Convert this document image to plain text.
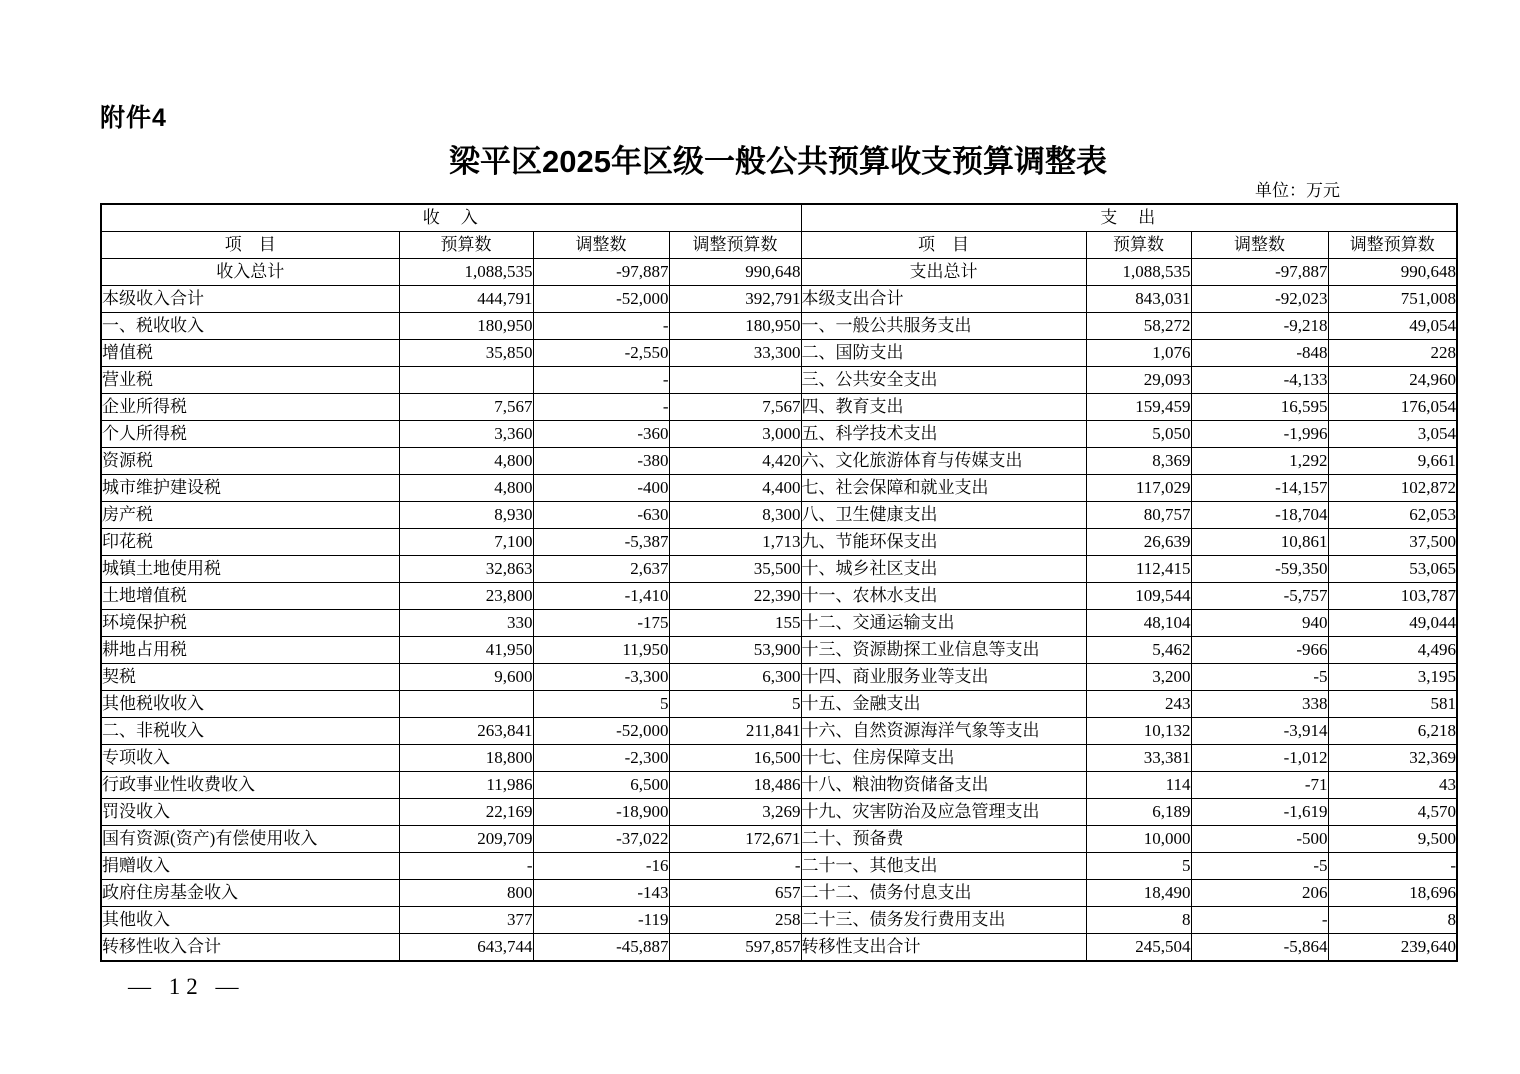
附件4
梁平区2025年区级一般公共预算收支预算调整表
单位：万元
收　入				支　出			
项　目	预算数	调整数	调整预算数	项　目	预算数	调整数	调整预算数
收入总计	1,088,535	-97,887	990,648	支出总计	1,088,535	-97,887	990,648
本级收入合计	444,791	-52,000	392,791	本级支出合计	843,031	-92,023	751,008
一、税收收入	180,950	-	180,950	一、一般公共服务支出	58,272	-9,218	49,054
增值税	35,850	-2,550	33,300	二、国防支出	1,076	-848	228
营业税		-		三、公共安全支出	29,093	-4,133	24,960
企业所得税	7,567	-	7,567	四、教育支出	159,459	16,595	176,054
个人所得税	3,360	-360	3,000	五、科学技术支出	5,050	-1,996	3,054
资源税	4,800	-380	4,420	六、文化旅游体育与传媒支出	8,369	1,292	9,661
城市维护建设税	4,800	-400	4,400	七、社会保障和就业支出	117,029	-14,157	102,872
房产税	8,930	-630	8,300	八、卫生健康支出	80,757	-18,704	62,053
印花税	7,100	-5,387	1,713	九、节能环保支出	26,639	10,861	37,500
城镇土地使用税	32,863	2,637	35,500	十、城乡社区支出	112,415	-59,350	53,065
土地增值税	23,800	-1,410	22,390	十一、农林水支出	109,544	-5,757	103,787
环境保护税	330	-175	155	十二、交通运输支出	48,104	940	49,044
耕地占用税	41,950	11,950	53,900	十三、资源勘探工业信息等支出	5,462	-966	4,496
契税	9,600	-3,300	6,300	十四、商业服务业等支出	3,200	-5	3,195
其他税收收入		5	5	十五、金融支出	243	338	581
二、非税收入	263,841	-52,000	211,841	十六、自然资源海洋气象等支出	10,132	-3,914	6,218
专项收入	18,800	-2,300	16,500	十七、住房保障支出	33,381	-1,012	32,369
行政事业性收费收入	11,986	6,500	18,486	十八、粮油物资储备支出	114	-71	43
罚没收入	22,169	-18,900	3,269	十九、灾害防治及应急管理支出	6,189	-1,619	4,570
国有资源(资产)有偿使用收入	209,709	-37,022	172,671	二十、预备费	10,000	-500	9,500
捐赠收入	-	-16	-	二十一、其他支出	5	-5	-
政府住房基金收入	800	-143	657	二十二、债务付息支出	18,490	206	18,696
其他收入	377	-119	258	二十三、债务发行费用支出	8	-	8
转移性收入合计	643,744	-45,887	597,857	转移性支出合计	245,504	-5,864	239,640
— 12 —
